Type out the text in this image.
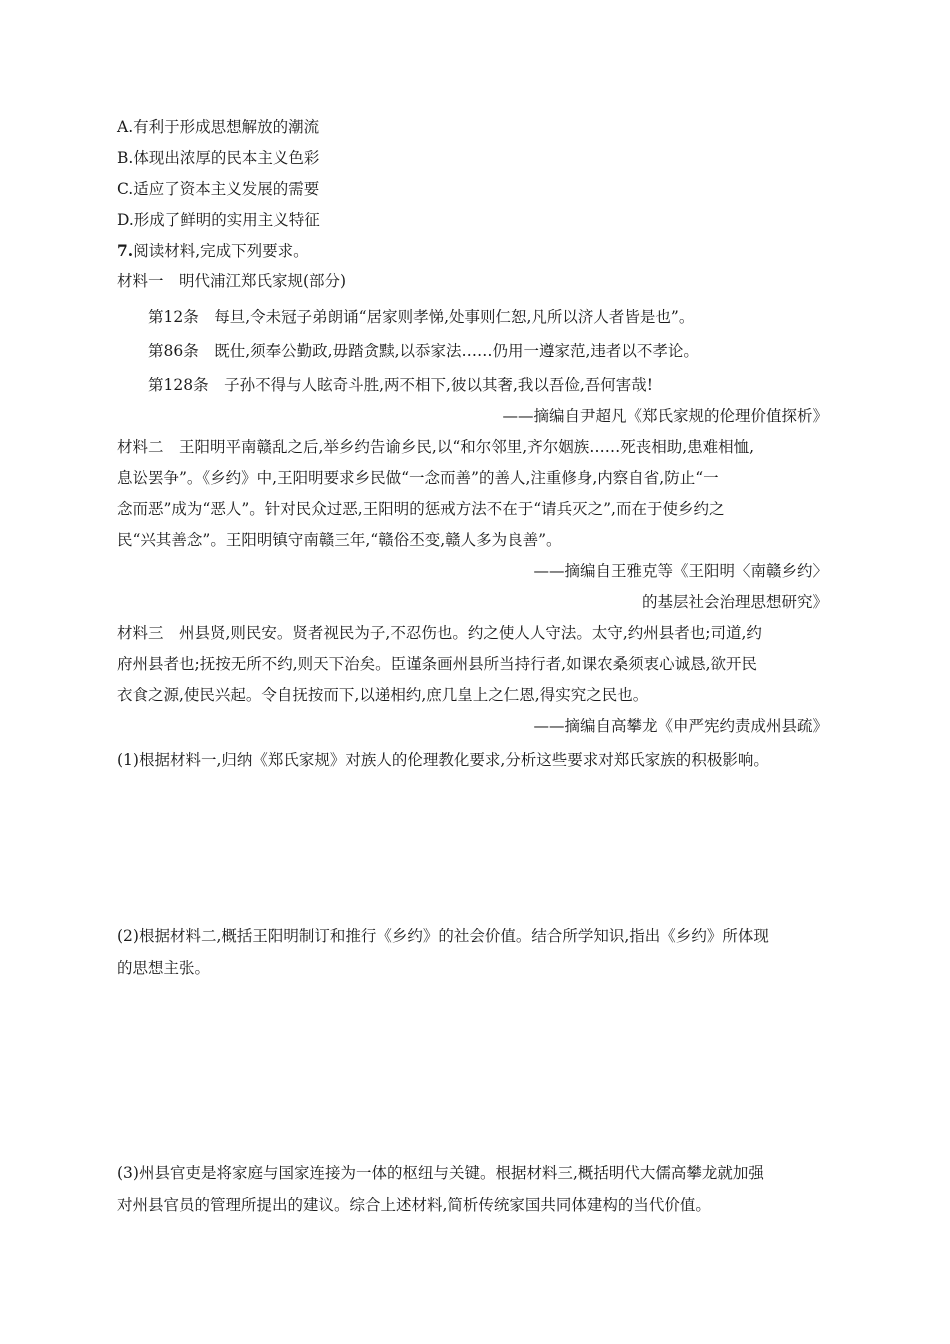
A.有利于形成思想解放的潮流
B.体现出浓厚的民本主义色彩
C.适应了资本主义发展的需要
D.形成了鲜明的实用主义特征
7.阅读材料,完成下列要求。
材料一　明代浦江郑氏家规(部分)
第12条　每旦,令未冠子弟朗诵“居家则孝悌,处事则仁恕,凡所以济人者皆是也”。
第86条　既仕,须奉公勤政,毋踏贪黩,以忝家法……仍用一遵家范,违者以不孝论。
第128条　子孙不得与人眩奇斗胜,两不相下,彼以其奢,我以吾俭,吾何害哉!
——摘编自尹超凡《郑氏家规的伦理价值探析》
材料二　王阳明平南赣乱之后,举乡约告谕乡民,以“和尔邻里,齐尔姻族……死丧相助,患难相恤,
息讼罢争”。《乡约》中,王阳明要求乡民做“一念而善”的善人,注重修身,内察自省,防止“一
念而恶”成为“恶人”。针对民众过恶,王阳明的惩戒方法不在于“请兵灭之”,而在于使乡约之
民“兴其善念”。王阳明镇守南赣三年,“赣俗丕变,赣人多为良善”。
——摘编自王雅克等《王阳明〈南赣乡约〉
的基层社会治理思想研究》
材料三　州县贤,则民安。贤者视民为子,不忍伤也。约之使人人守法。太守,约州县者也;司道,约
府州县者也;抚按无所不约,则天下治矣。臣谨条画州县所当持行者,如课农桑须衷心诚恳,欲开民
衣食之源,使民兴起。令自抚按而下,以递相约,庶几皇上之仁恩,得实究之民也。
——摘编自高攀龙《申严宪约责成州县疏》
(1)根据材料一,归纳《郑氏家规》对族人的伦理教化要求,分析这些要求对郑氏家族的积极影响。
(2)根据材料二,概括王阳明制订和推行《乡约》的社会价值。结合所学知识,指出《乡约》所体现
的思想主张。
(3)州县官吏是将家庭与国家连接为一体的枢纽与关键。根据材料三,概括明代大儒高攀龙就加强
对州县官员的管理所提出的建议。综合上述材料,简析传统家国共同体建构的当代价值。
